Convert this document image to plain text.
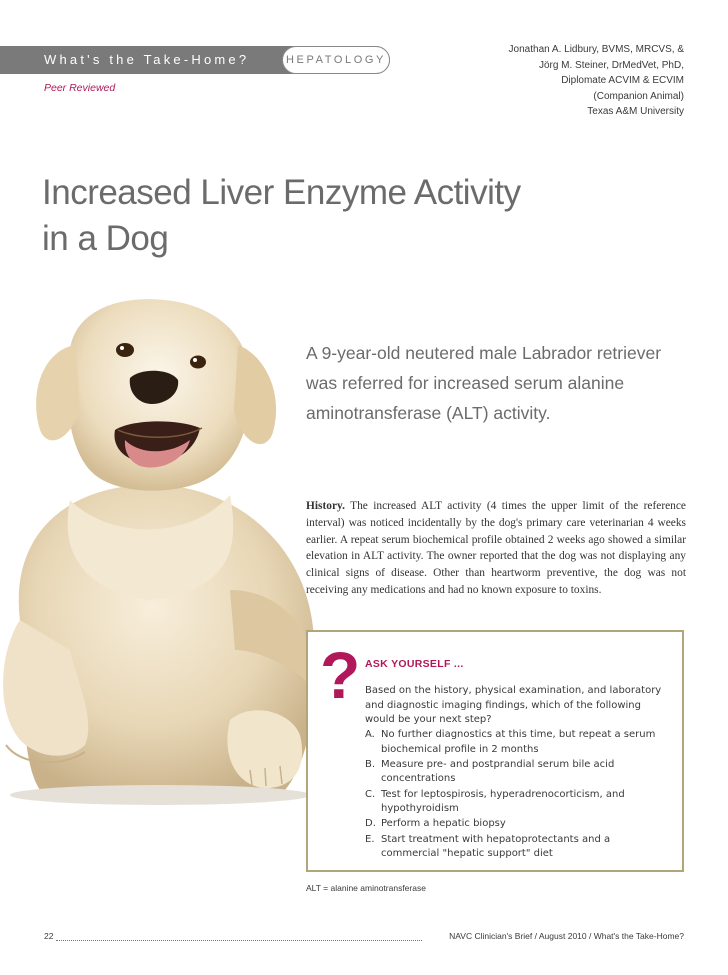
What's the Take-Home?	HEPATOLOGY
Peer Reviewed
Jonathan A. Lidbury, BVMS, MRCVS, &
Jörg M. Steiner, DrMedVet, PhD,
Diplomate ACVIM & ECVIM
(Companion Animal)
Texas A&M University
Increased Liver Enzyme Activity
in a Dog
A 9-year-old neutered male Labrador retriever
was referred for increased serum alanine
aminotransferase (ALT) activity.
History. The increased ALT activity (4 times the upper limit of the reference interval) was noticed incidentally by the dog's primary care veterinarian 4 weeks earlier. A repeat serum biochemical profile obtained 2 weeks ago showed a similar elevation in ALT activity. The owner reported that the dog was not displaying any clinical signs of disease. Other than heartworm preventive, the dog was not receiving any medications and had no known exposure to toxins.
? ASK YOURSELF ...
Based on the history, physical examination, and laboratory and diagnostic imaging findings, which of the following would be your next step?
A. No further diagnostics at this time, but repeat a serum biochemical profile in 2 months
B. Measure pre- and postprandial serum bile acid concentrations
C. Test for leptospirosis, hyperadrenocorticism, and hypothyroidism
D. Perform a hepatic biopsy
E. Start treatment with hepatoprotectants and a commercial "hepatic support" diet
ALT = alanine aminotransferase
22	NAVC Clinician's Brief / August 2010 / What's the Take-Home?
